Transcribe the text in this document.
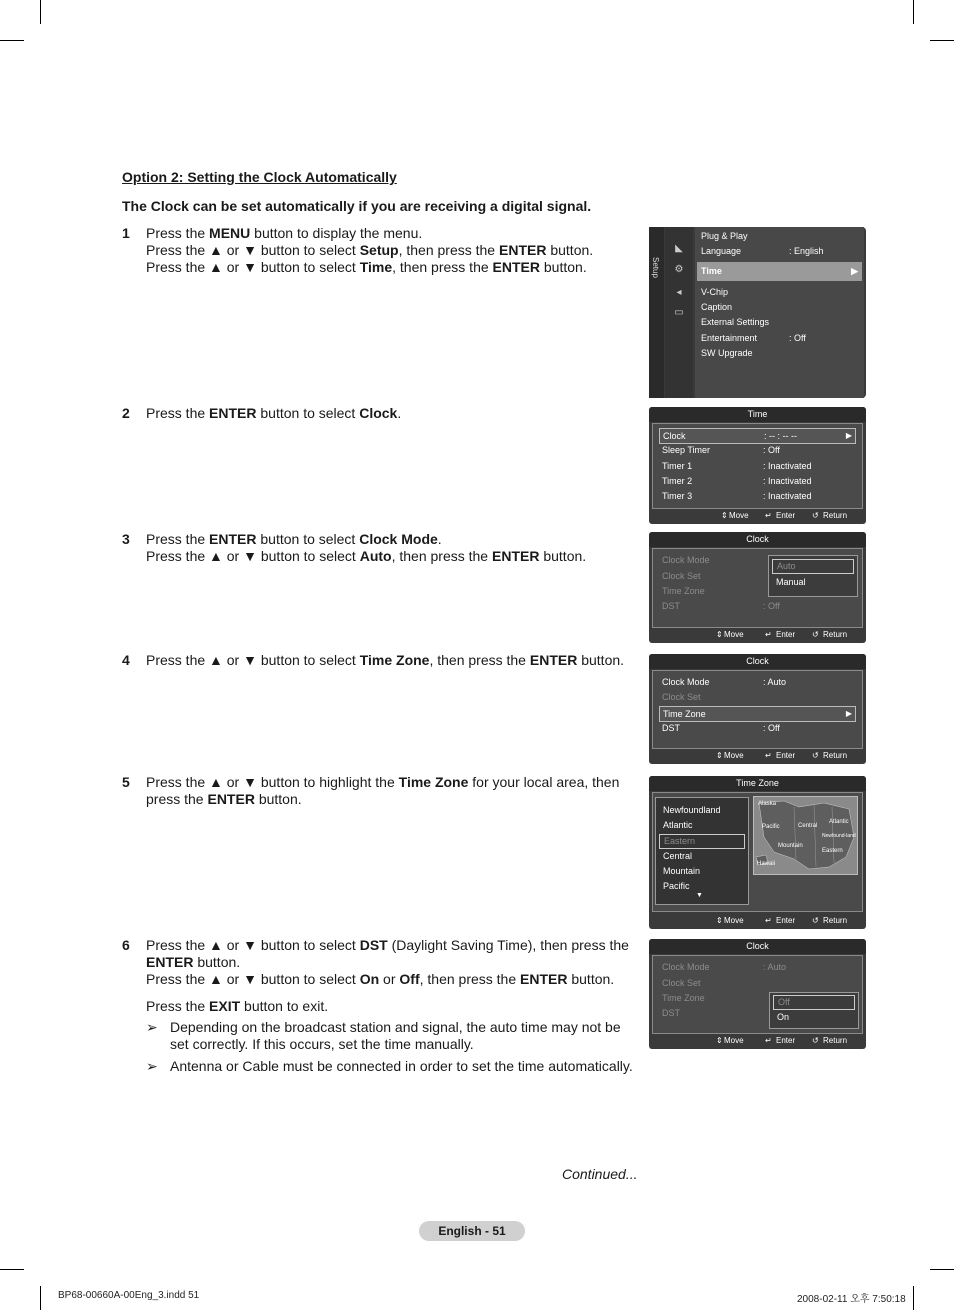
Option 2: Setting the Clock Automatically
The Clock can be set automatically if you are receiving a digital signal.
1 Press the MENU button to display the menu.
Press the ▲ or ▼ button to select Setup, then press the ENTER button.
Press the ▲ or ▼ button to select Time, then press the ENTER button.
2 Press the ENTER button to select Clock.
3 Press the ENTER button to select Clock Mode.
Press the ▲ or ▼ button to select Auto, then press the ENTER button.
4 Press the ▲ or ▼ button to select Time Zone, then press the ENTER button.
5 Press the ▲ or ▼ button to highlight the Time Zone for your local area, then
press the ENTER button.
6 Press the ▲ or ▼ button to select DST (Daylight Saving Time), then press the
ENTER button.
Press the ▲ or ▼ button to select On or Off, then press the ENTER button.
Press the EXIT button to exit.
➢ Depending on the broadcast station and signal, the auto time may not be set correctly. If this occurs, set the time manually.
➢ Antenna or Cable must be connected in order to set the time automatically.
Setup
◣
⚙
◂
▭
Plug & Play
Language	: English
Time	▶
V-Chip
Caption
External Settings
Entertainment	: Off
SW Upgrade
Time
Clock	: -- : -- --	▶
Sleep Timer	: Off
Timer 1	: Inactivated
Timer 2	: Inactivated
Timer 3	: Inactivated
⇕ Move ↵ Enter ↺ Return
Clock
Clock Mode
Clock Set
Time Zone
DST	: Off
Auto
Manual
⇕ Move	↵ Enter ↺ Return
Clock
Clock Mode	: Auto
Clock Set
Time Zone	▶
DST	: Off
⇕ Move	↵ Enter ↺ Return
Time Zone
Newfoundland
Atlantic
Eastern
Central
Mountain
Pacific
▼
Alaska
Pacific	Central
Atlantic
Newfound-land
Mountain
Eastern
Hawaii
⇕ Move	↵ Enter ↺ Return
Clock
Clock Mode	: Auto
Clock Set
Time Zone
DST
Off
On
⇕ Move	↵ Enter ↺ Return
Continued...
English - 51
BP68-00660A-00Eng_3.indd 51	2008-02-11 오후 7:50:18
